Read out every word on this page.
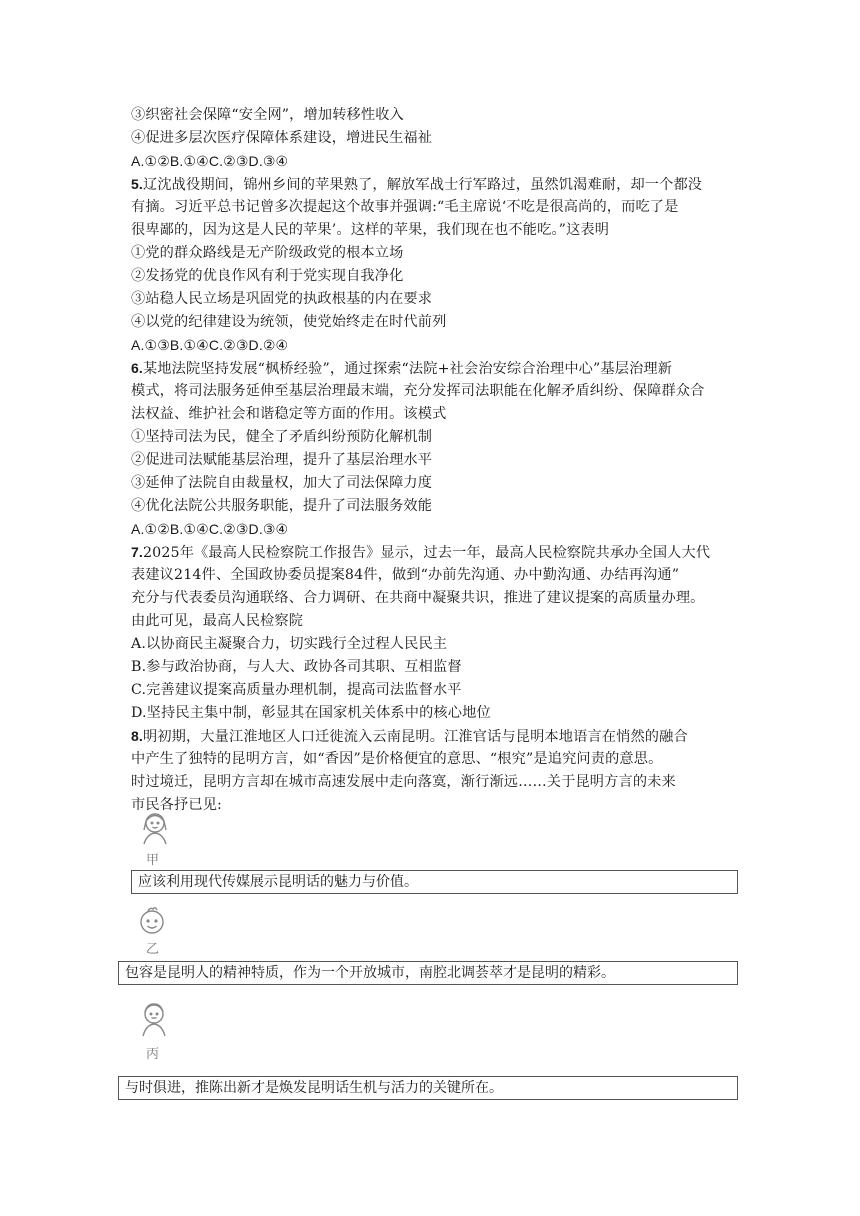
③织密社会保障“安全网”，增加转移性收入
④促进多层次医疗保障体系建设，增进民生福祉
A.①②B.①④C.②③D.③④
5.辽沈战役期间，锦州乡间的苹果熟了，解放军战士行军路过，虽然饥渴难耐，却一个都没
有摘。习近平总书记曾多次提起这个故事并强调:“毛主席说‘不吃是很高尚的，而吃了是
很卑鄙的，因为这是人民的苹果’。这样的苹果，我们现在也不能吃。”这表明
①党的群众路线是无产阶级政党的根本立场
②发扬党的优良作风有利于党实现自我净化
③站稳人民立场是巩固党的执政根基的内在要求
④以党的纪律建设为统领，使党始终走在时代前列
A.①③B.①④C.②③D.②④
6.某地法院坚持发展“枫桥经验”，通过探索“法院+社会治安综合治理中心”基层治理新
模式，将司法服务延伸至基层治理最末端，充分发挥司法职能在化解矛盾纠纷、保障群众合
法权益、维护社会和谐稳定等方面的作用。该模式
①坚持司法为民，健全了矛盾纠纷预防化解机制
②促进司法赋能基层治理，提升了基层治理水平
③延伸了法院自由裁量权，加大了司法保障力度
④优化法院公共服务职能，提升了司法服务效能
A.①②B.①④C.②③D.③④
7.2025年《最高人民检察院工作报告》显示，过去一年，最高人民检察院共承办全国人大代
表建议214件、全国政协委员提案84件，做到“办前先沟通、办中勤沟通、办结再沟通”
充分与代表委员沟通联络、合力调研、在共商中凝聚共识，推进了建议提案的高质量办理。
由此可见，最高人民检察院
A.以协商民主凝聚合力，切实践行全过程人民民主
B.参与政治协商，与人大、政协各司其职、互相监督
C.完善建议提案高质量办理机制，提高司法监督水平
D.坚持民主集中制，彰显其在国家机关体系中的核心地位
8.明初期，大量江淮地区人口迁徙流入云南昆明。江淮官话与昆明本地语言在悄然的融合
中产生了独特的昆明方言，如“香因”是价格便宜的意思、“根究”是追究问责的意思。
时过境迁，昆明方言却在城市高速发展中走向落寞，渐行渐远……关于昆明方言的未来
市民各抒已见:
甲
应该利用现代传媒展示昆明话的魅力与价值。
乙
包容是昆明人的精神特质，作为一个开放城市，南腔北调荟萃才是昆明的精彩。
丙
与时俱进，推陈出新才是焕发昆明话生机与活力的关键所在。
